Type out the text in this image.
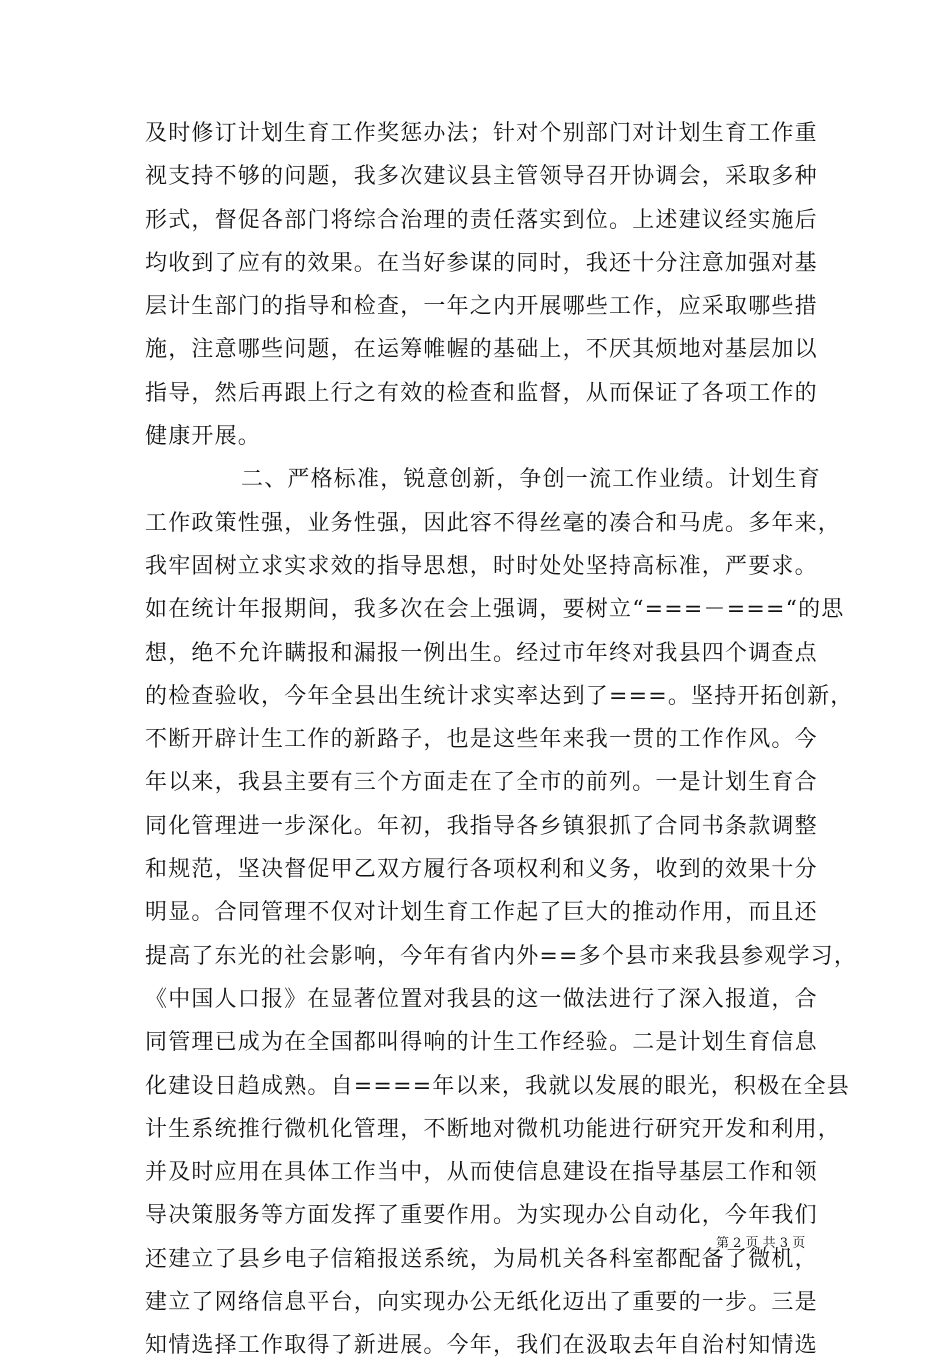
及时修订计划生育工作奖惩办法；针对个别部门对计划生育工作重
视支持不够的问题，我多次建议县主管领导召开协调会，采取多种
形式，督促各部门将综合治理的责任落实到位。上述建议经实施后
均收到了应有的效果。在当好参谋的同时，我还十分注意加强对基
层计生部门的指导和检查，一年之内开展哪些工作，应采取哪些措
施，注意哪些问题，在运筹帷幄的基础上，不厌其烦地对基层加以
指导，然后再跟上行之有效的检查和监督，从而保证了各项工作的
健康开展。
二、严格标准，锐意创新，争创一流工作业绩。计划生育
工作政策性强，业务性强，因此容不得丝毫的凑合和马虎。多年来，
我牢固树立求实求效的指导思想，时时处处坚持高标准，严要求。
如在统计年报期间，我多次在会上强调，要树立“===－===“的思
想，绝不允许瞒报和漏报一例出生。经过市年终对我县四个调查点
的检查验收，今年全县出生统计求实率达到了===。坚持开拓创新，
不断开辟计生工作的新路子，也是这些年来我一贯的工作作风。今
年以来，我县主要有三个方面走在了全市的前列。一是计划生育合
同化管理进一步深化。年初，我指导各乡镇狠抓了合同书条款调整
和规范，坚决督促甲乙双方履行各项权利和义务，收到的效果十分
明显。合同管理不仅对计划生育工作起了巨大的推动作用，而且还
提高了东光的社会影响，今年有省内外==多个县市来我县参观学习，
《中国人口报》在显著位置对我县的这一做法进行了深入报道，合
同管理已成为在全国都叫得响的计生工作经验。二是计划生育信息
化建设日趋成熟。自====年以来，我就以发展的眼光，积极在全县
计生系统推行微机化管理，不断地对微机功能进行研究开发和利用，
并及时应用在具体工作当中，从而使信息建设在指导基层工作和领
导决策服务等方面发挥了重要作用。为实现办公自动化，今年我们
还建立了县乡电子信箱报送系统，为局机关各科室都配备了微机，
建立了网络信息平台，向实现办公无纸化迈出了重要的一步。三是
知情选择工作取得了新进展。今年，我们在汲取去年自治村知情选
第 2 页 共 3 页
